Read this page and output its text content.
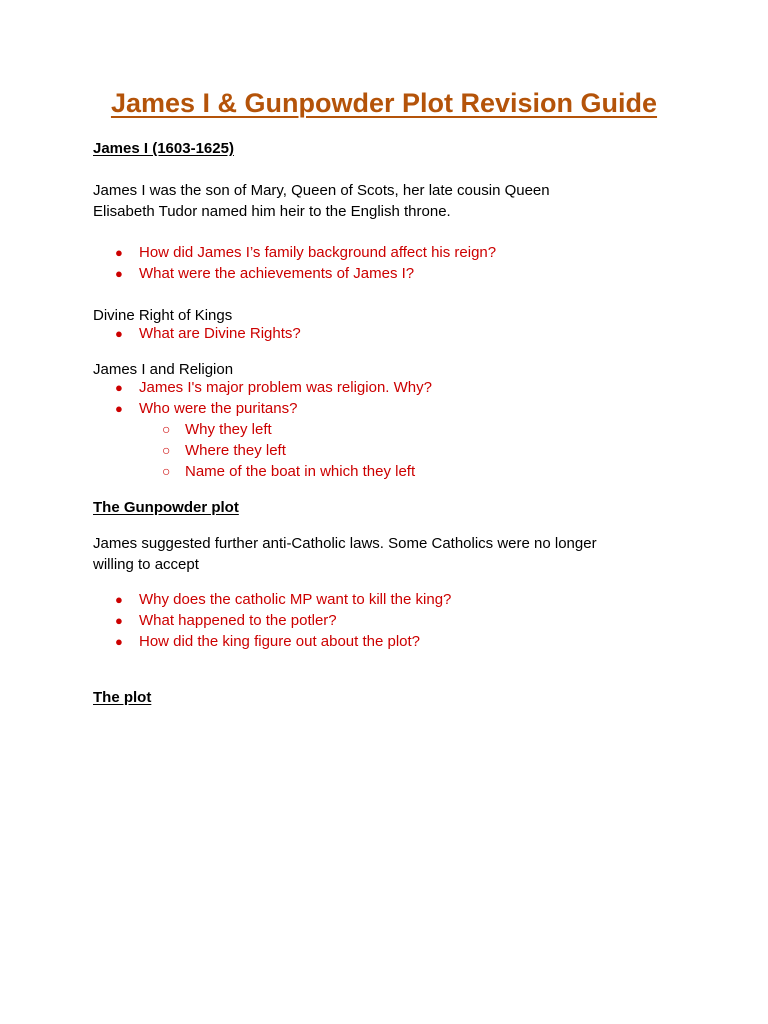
James I & Gunpowder Plot Revision Guide

James I (1603-1625)

James I was the son of Mary, Queen of Scots, her late cousin Queen

Elisabeth Tudor named him heir to the English throne.

● How did James I’s family background affect his reign?
● What were the achievements of James I?

Divine Right of Kings

● What are Divine Rights?

James I and Religion

● James I's major problem was religion. Why?
● Who were the puritans?
○ Why they left
○ Where they left
○ Name of the boat in which they left

The Gunpowder plot

James suggested further anti-Catholic laws. Some Catholics were no longer

willing to accept

● Why does the catholic MP want to kill the king?
● What happened to the potler?
● How did the king figure out about the plot?

The plot
